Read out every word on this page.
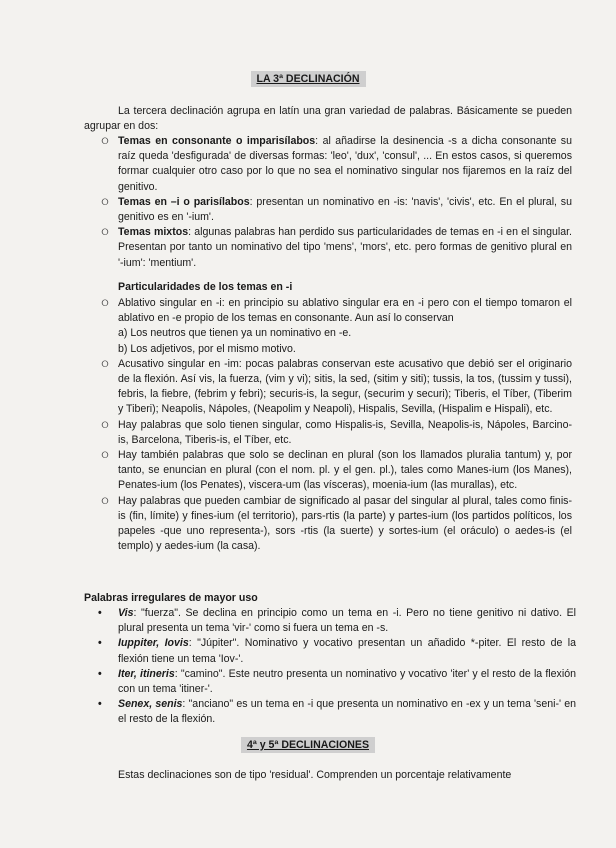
LA 3ª DECLINACIÓN
La tercera declinación agrupa en latín una gran variedad de palabras. Básicamente se pueden agrupar en dos:
⭘ Temas en consonante o imparisílabos: al añadirse la desinencia -s a dicha consonante su raíz queda 'desfigurada' de diversas formas: 'leo', 'dux', 'consul', ... En estos casos, si queremos formar cualquier otro caso por lo que no sea el nominativo singular nos fijaremos en la raíz del genitivo.
⭘ Temas en –i o parisílabos: presentan un nominativo en -is: 'navis', 'civis', etc. En el plural, su genitivo es en '-ium'.
⭘ Temas mixtos: algunas palabras han perdido sus particularidades de temas en -i en el singular. Presentan por tanto un nominativo del tipo 'mens', 'mors', etc. pero formas de genitivo plural en '-ium': 'mentium'.
Particularidades de los temas en -i
⭘ Ablativo singular en -i: en principio su ablativo singular era en -i pero con el tiempo tomaron el ablativo en -e propio de los temas en consonante. Aun así lo conservan
a) Los neutros que tienen ya un nominativo en -e.
b) Los adjetivos, por el mismo motivo.
⭘ Acusativo singular en -im: pocas palabras conservan este acusativo que debió ser el originario de la flexión. Así vis, la fuerza, (vim y vi); sitis, la sed, (sitim y siti); tussis, la tos, (tussim y tussi), febris, la fiebre, (febrim y febri); securis-is, la segur, (securim y securi); Tiberis, el Tíber, (Tiberim y Tiberi); Neapolis, Nápoles, (Neapolim y Neapoli), Hispalis, Sevilla, (Hispalim e Hispali), etc.
⭘ Hay palabras que solo tienen singular, como Hispalis-is, Sevilla, Neapolis-is, Nápoles, Barcino-is, Barcelona, Tiberis-is, el Tíber, etc.
⭘ Hay también palabras que solo se declinan en plural (son los llamados pluralia tantum) y, por tanto, se enuncian en plural (con el nom. pl. y el gen. pl.), tales como Manes-ium (los Manes), Penates-ium (los Penates), viscera-um (las vísceras), moenia-ium (las murallas), etc.
⭘ Hay palabras que pueden cambiar de significado al pasar del singular al plural, tales como finis-is (fin, límite) y fines-ium (el territorio), pars-rtis (la parte) y partes-ium (los partidos políticos, los papeles -que uno representa-), sors -rtis (la suerte) y sortes-ium (el oráculo) o aedes-is (el templo) y aedes-ium (la casa).
Palabras irregulares de mayor uso
• Vis: "fuerza". Se declina en principio como un tema en -i. Pero no tiene genitivo ni dativo. El plural presenta un tema 'vir-' como si fuera un tema en -s.
• Iuppiter, Iovis: "Júpiter". Nominativo y vocativo presentan un añadido *-piter. El resto de la flexión tiene un tema 'Iov-'.
• Iter, itineris: "camino". Este neutro presenta un nominativo y vocativo 'iter' y el resto de la flexión con un tema 'itiner-'.
• Senex, senis: "anciano" es un tema en -i que presenta un nominativo en -ex y un tema 'seni-' en el resto de la flexión.
4ª y 5ª DECLINACIONES
Estas declinaciones son de tipo 'residual'. Comprenden un porcentaje relativamente
